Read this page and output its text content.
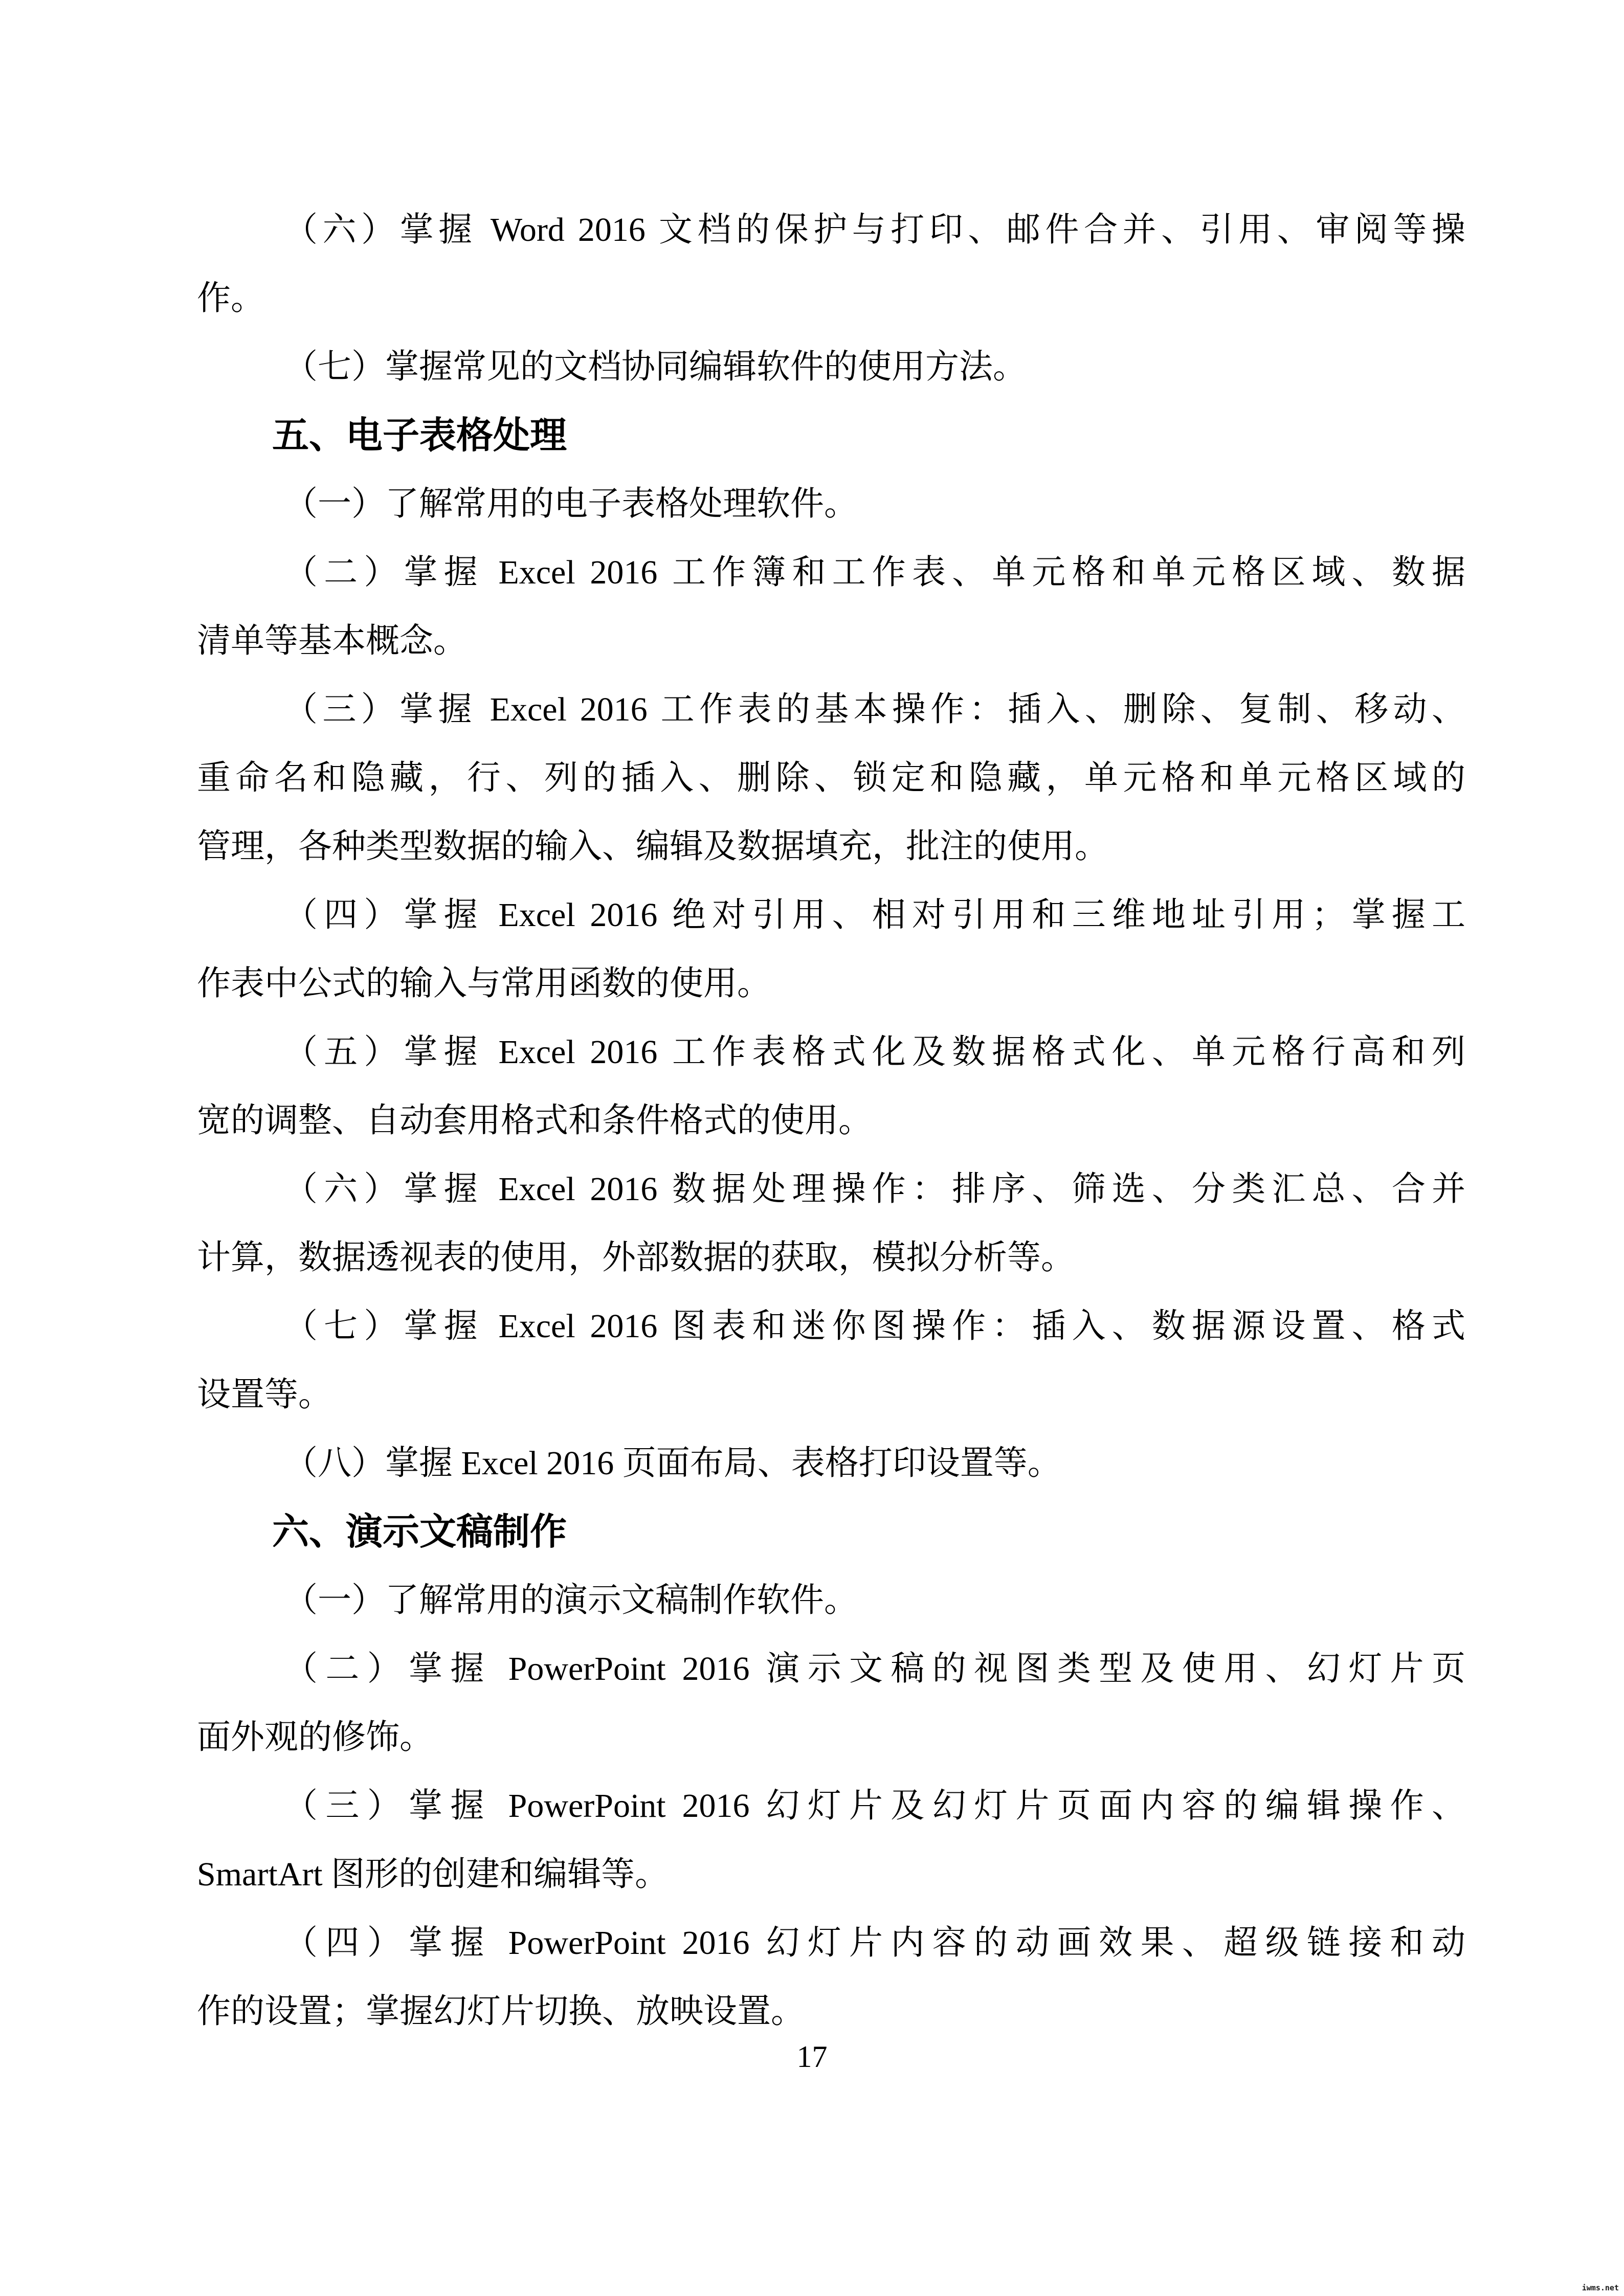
（六）掌握 Word 2016 文档的保护与打印、邮件合并、引用、审阅等操
作。
（七）掌握常见的文档协同编辑软件的使用方法。
五、电子表格处理
（一）了解常用的电子表格处理软件。
（二）掌握 Excel 2016 工作簿和工作表、单元格和单元格区域、数据
清单等基本概念。
（三）掌握 Excel 2016 工作表的基本操作：插入、删除、复制、移动、
重命名和隐藏，行、列的插入、删除、锁定和隐藏，单元格和单元格区域的
管理，各种类型数据的输入、编辑及数据填充，批注的使用。
（四）掌握 Excel 2016 绝对引用、相对引用和三维地址引用；掌握工
作表中公式的输入与常用函数的使用。
（五）掌握 Excel 2016 工作表格式化及数据格式化、单元格行高和列
宽的调整、自动套用格式和条件格式的使用。
（六）掌握 Excel 2016 数据处理操作：排序、筛选、分类汇总、合并
计算，数据透视表的使用，外部数据的获取，模拟分析等。
（七）掌握 Excel 2016 图表和迷你图操作：插入、数据源设置、格式
设置等。
（八）掌握 Excel 2016 页面布局、表格打印设置等。
六、演示文稿制作
（一）了解常用的演示文稿制作软件。
（二）掌握 PowerPoint 2016 演示文稿的视图类型及使用、幻灯片页
面外观的修饰。
（三）掌握 PowerPoint 2016 幻灯片及幻灯片页面内容的编辑操作、
SmartArt 图形的创建和编辑等。
（四）掌握 PowerPoint 2016 幻灯片内容的动画效果、超级链接和动
作的设置；掌握幻灯片切换、放映设置。
17
iwms.net
